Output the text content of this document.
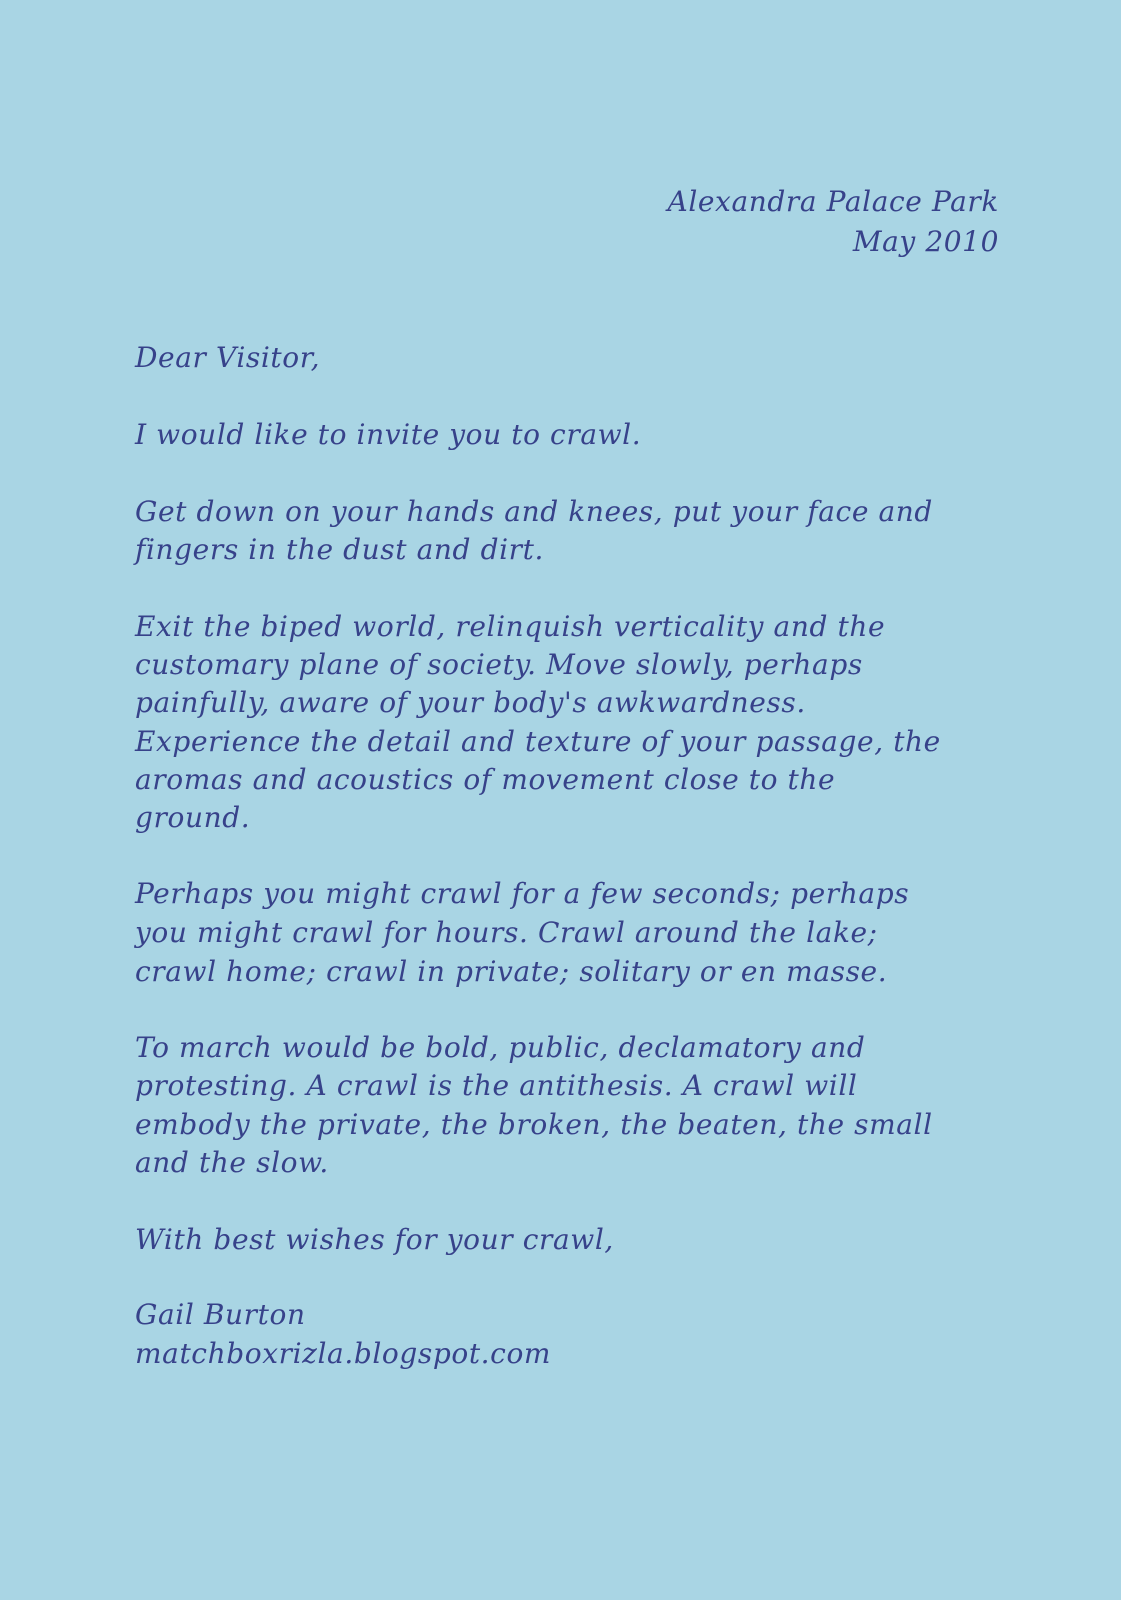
Alexandra Palace Park
May 2010
Dear Visitor,
I would like to invite you to crawl.
Get down on your hands and knees, put your face and
fingers in the dust and dirt.
Exit the biped world, relinquish verticality and the
customary plane of society. Move slowly, perhaps
painfully, aware of your body's awkwardness.
Experience the detail and texture of your passage, the
aromas and acoustics of movement close to the
ground.
Perhaps you might crawl for a few seconds; perhaps
you might crawl for hours. Crawl around the lake;
crawl home; crawl in private; solitary or en masse.
To march would be bold, public, declamatory and
protesting. A crawl is the antithesis. A crawl will
embody the private, the broken, the beaten, the small
and the slow.
With best wishes for your crawl,
Gail Burton
matchboxrizla.blogspot.com
